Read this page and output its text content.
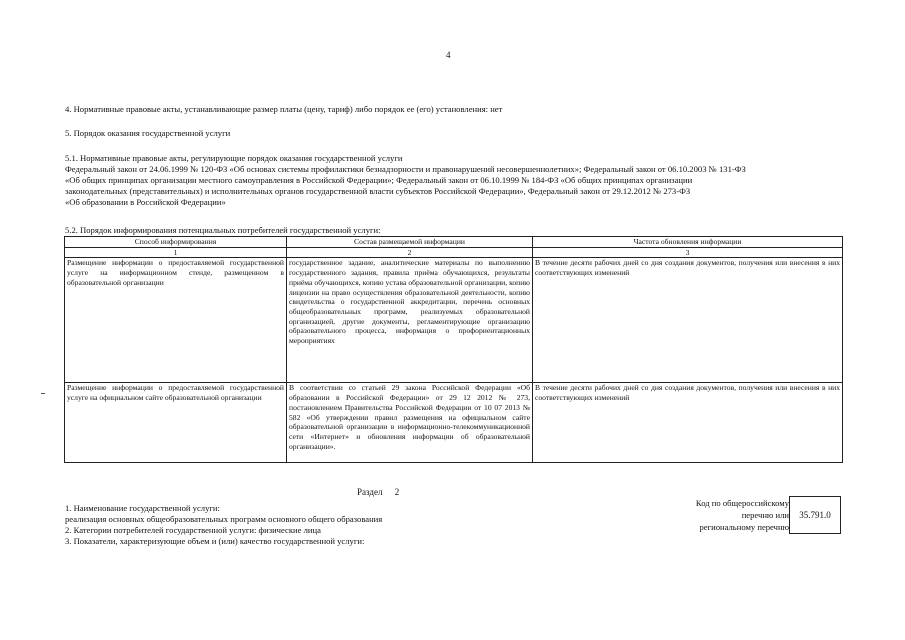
4
4. Нормативные правовые акты, устанавливающие размер платы (цену, тариф) либо порядок ее (его) установления: нет
5. Порядок оказания государственной услуги
5.1. Нормативные правовые акты, регулирующие порядок оказания государственной услуги
Федеральный закон от 24.06.1999 № 120-ФЗ «Об основах системы профилактики безнадзорности и правонарушений несовершеннолетних»; Федеральный закон от 06.10.2003 № 131-ФЗ
«Об общих принципах организации местного самоуправления в Российской Федерации»; Федеральный закон от 06.10.1999 № 184-ФЗ «Об общих принципах организации
законодательных (представительных) и исполнительных органов государственной власти субъектов Российской Федерации», Федеральный закон от 29.12.2012 № 273-ФЗ
«Об образовании в Российской Федерации»
5.2. Порядок информирования потенциальных потребителей государственной услуги:
Способ информирования	Состав размещаемой информации	Частота обновления информации
1	2	3
Размещение информации о предоставляемой государственной услуге на информационном стенде, размещенном в образовательной организации	государственное задание, аналитические материалы по выполнению государственного задания, правила приёма обучающихся, результаты приёма обучающихся, копию устава образовательной организации, копию лицензии на право осуществления образовательной деятельности, копию свидетельства о государственной аккредитации, перечень основных общеобразовательных программ, реализуемых образовательной организацией, другие документы, регламентирующие организацию образовательного процесса, информация о профориентационных мероприятиях	В течение десяти рабочих дней со дня создания документов, получения или внесения в них соответствующих изменений
Размещение информации о предоставляемой государственной услуге на официальном сайте образовательной организации	В соответствии со статьей 29 закона Российской Федерации «Об образовании в Российской Федерации» от 29 12 2012 № 273, постановлением Правительства Российской Федерации от 10 07 2013 № 582 «Об утверждении правил размещения на официальном сайте образовательной организации в информационно-телекоммуникационной сети «Интернет» и обновления информации об образовательной организации».	В течение десяти рабочих дней со дня создания документов, получения или внесения в них соответствующих изменений
Раздел 2
1. Наименование государственной услуги:
реализация основных общеобразовательных программ основного общего образования
2. Категории потребителей государственной услуги: физические лица
3. Показатели, характеризующие объем и (или) качество государственной услуги:
Код по общероссийскому
перечню или
региональному перечню
35.791.0
